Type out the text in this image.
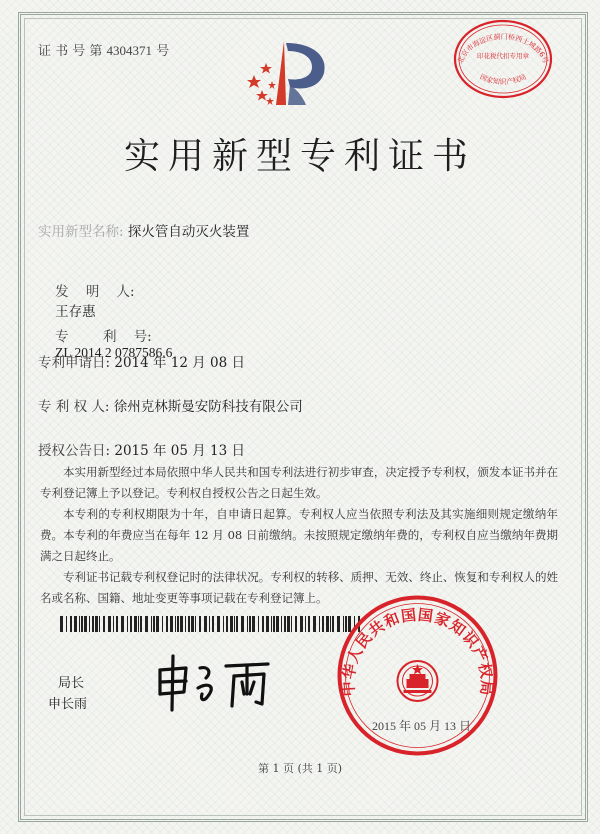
证 书 号 第 4304371 号
北京市海淀区蓟门桥西土城路6号
印花税代扣专用章
国家知识产权局
实用新型专利证书
实用新型名称: 探火管自动灭火装置

发    明    人:
王存惠

专        利    号:
ZL 2014 2 0787586.6

专利申请日: 2014 年 12 月 08 日
专 利 权 人: 徐州克林斯曼安防科技有限公司
授权公告日: 2015 年 05 月 13 日

本实用新型经过本局依照中华人民共和国专利法进行初步审查，决定授予专利权，颁发本证书并在专利登记簿上予以登记。专利权自授权公告之日起生效。

本专利的专利权期限为十年，自申请日起算。专利权人应当依照专利法及其实施细则规定缴纳年费。本专利的年费应当在每年 12 月 08 日前缴纳。未按照规定缴纳年费的，专利权自应当缴纳年费期满之日起终止。

专利证书记载专利权登记时的法律状况。专利权的转移、质押、无效、终止、恢复和专利权人的姓名或名称、国籍、地址变更等事项记载在专利登记簿上。

局长
申长雨
中华人民共和国国家知识产权局
2015 年 05 月 13 日
第 1 页 (共 1 页)
